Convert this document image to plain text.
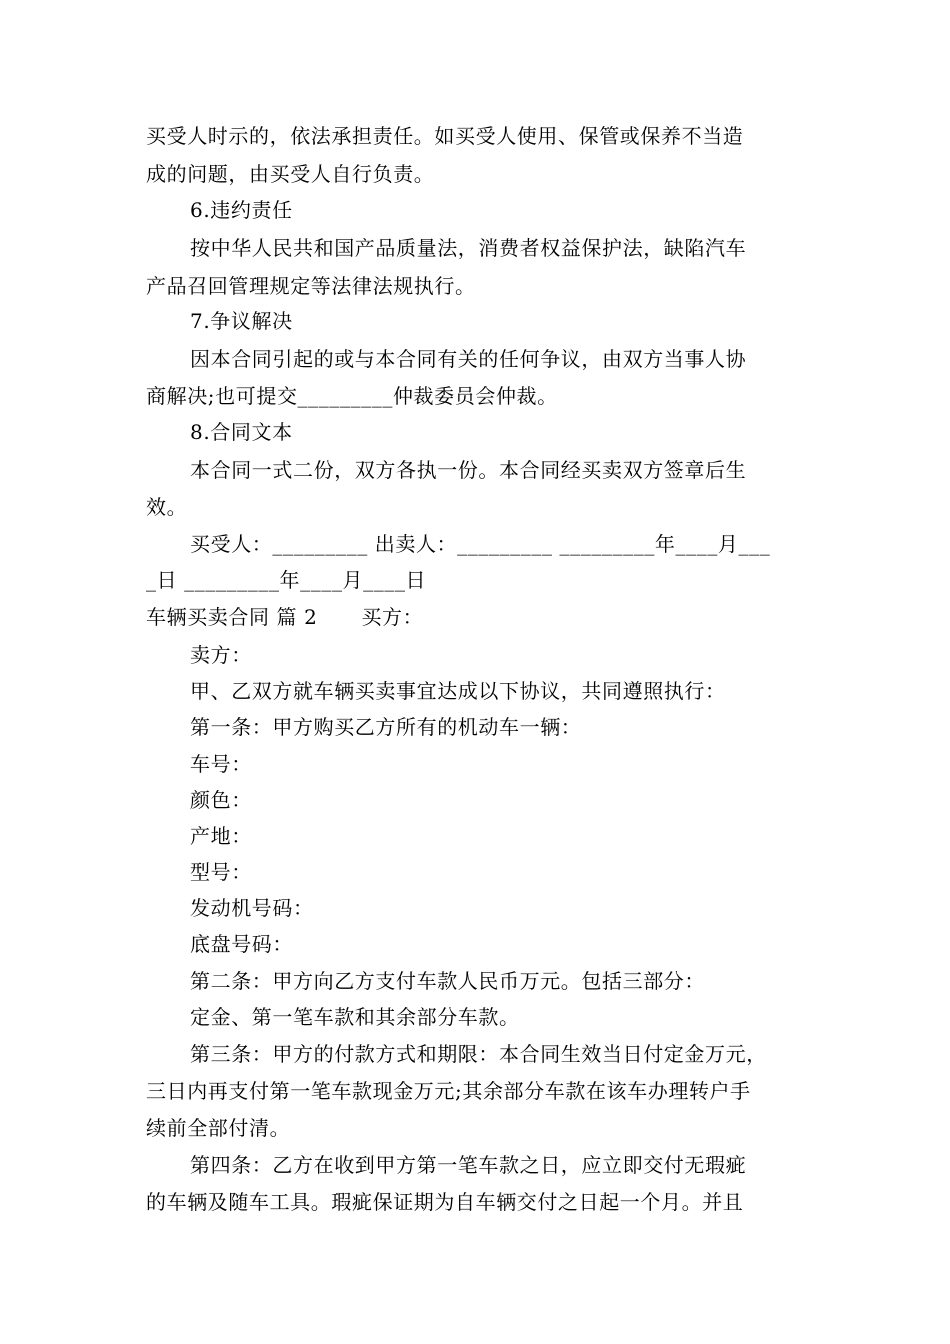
买受人时示的，依法承担责任。如买受人使用、保管或保养不当造
成的问题，由买受人自行负责。
6.违约责任
按中华人民共和国产品质量法，消费者权益保护法，缺陷汽车
产品召回管理规定等法律法规执行。
7.争议解决
因本合同引起的或与本合同有关的任何争议，由双方当事人协
商解决;也可提交_________仲裁委员会仲裁。
8.合同文本
本合同一式二份，双方各执一份。本合同经买卖双方签章后生
效。
买受人：_________ 出卖人：_________ _________年____月___
_日 _________年____月____日
车辆买卖合同 篇 2 买方：
卖方：
甲、乙双方就车辆买卖事宜达成以下协议，共同遵照执行：
第一条：甲方购买乙方所有的机动车一辆：
车号：
颜色：
产地：
型号：
发动机号码：
底盘号码：
第二条：甲方向乙方支付车款人民币万元。包括三部分：
定金、第一笔车款和其余部分车款。
第三条：甲方的付款方式和期限：本合同生效当日付定金万元，
三日内再支付第一笔车款现金万元;其余部分车款在该车办理转户手
续前全部付清。
第四条：乙方在收到甲方第一笔车款之日，应立即交付无瑕疵
的车辆及随车工具。瑕疵保证期为自车辆交付之日起一个月。并且
